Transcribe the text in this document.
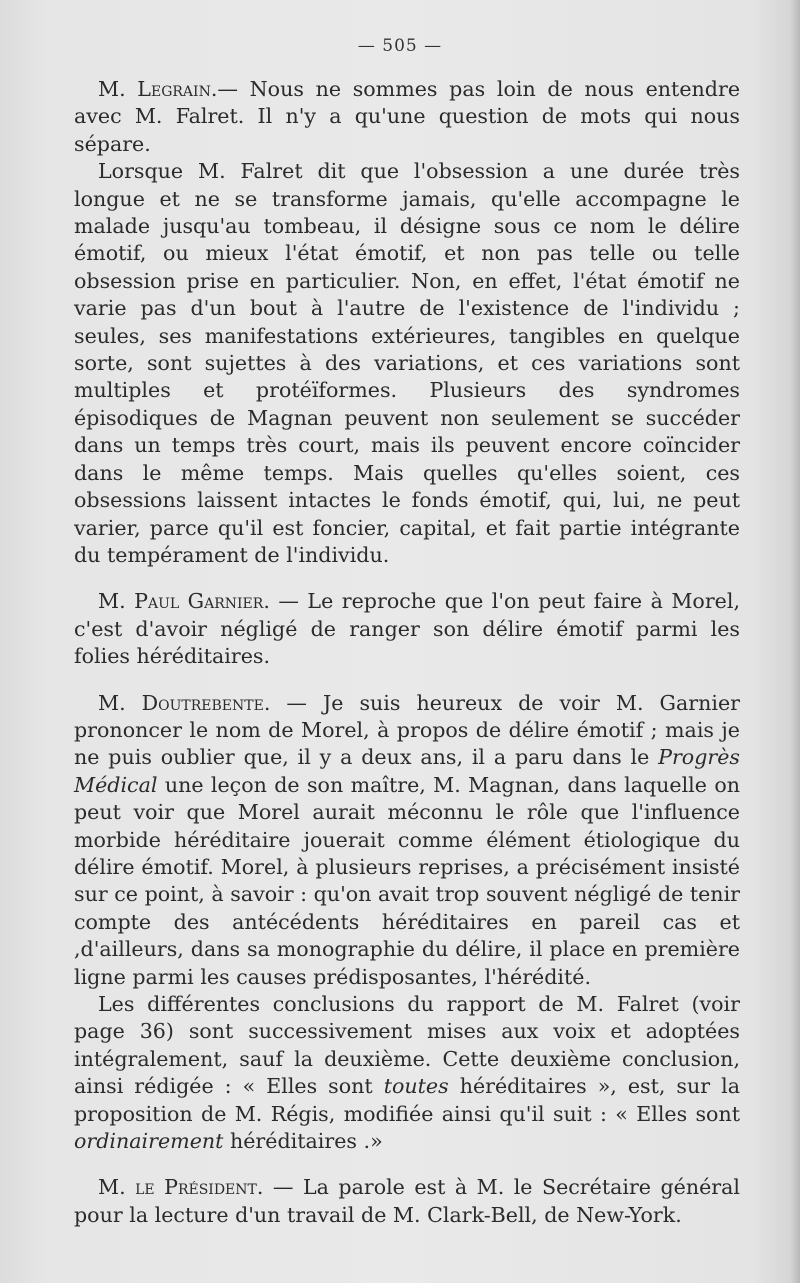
— 505 —

M. Legrain.— Nous ne sommes pas loin de nous entendre avec M. Falret. Il n'y a qu'une question de mots qui nous sépare.

Lorsque M. Falret dit que l'obsession a une durée très longue et ne se transforme jamais, qu'elle accompagne le malade jusqu'au tombeau, il désigne sous ce nom le délire émotif, ou mieux l'état émotif, et non pas telle ou telle obsession prise en particulier. Non, en effet, l'état émotif ne varie pas d'un bout à l'autre de l'existence de l'individu ; seules, ses manifestations extérieures, tangibles en quelque sorte, sont sujettes à des variations, et ces variations sont multiples et protéïformes. Plusieurs des syndromes épisodiques de Magnan peuvent non seulement se succéder dans un temps très court, mais ils peuvent encore coïncider dans le même temps. Mais quelles qu'elles soient, ces obsessions laissent intactes le fonds émotif, qui, lui, ne peut varier, parce qu'il est foncier, capital, et fait partie intégrante du tempérament de l'individu.

M. Paul Garnier. — Le reproche que l'on peut faire à Morel, c'est d'avoir négligé de ranger son délire émotif parmi les folies héréditaires.

M. Doutrebente. — Je suis heureux de voir M. Garnier prononcer le nom de Morel, à propos de délire émotif ; mais je ne puis oublier que, il y a deux ans, il a paru dans le Progrès Médical une leçon de son maître, M. Magnan, dans laquelle on peut voir que Morel aurait méconnu le rôle que l'influence morbide héréditaire jouerait comme élément étiologique du délire émotif. Morel, à plusieurs reprises, a précisément insisté sur ce point, à savoir : qu'on avait trop souvent négligé de tenir compte des antécédents héréditaires en pareil cas et ,d'ailleurs, dans sa monographie du délire, il place en première ligne parmi les causes prédisposantes, l'hérédité.

Les différentes conclusions du rapport de M. Falret (voir page 36) sont successivement mises aux voix et adoptées intégralement, sauf la deuxième. Cette deuxième conclusion, ainsi rédigée : « Elles sont toutes héréditaires », est, sur la proposition de M. Régis, modifiée ainsi qu'il suit : « Elles sont ordinairement héréditaires .»

M. le Président. — La parole est à M. le Secrétaire général pour la lecture d'un travail de M. Clark-Bell, de New-York.
